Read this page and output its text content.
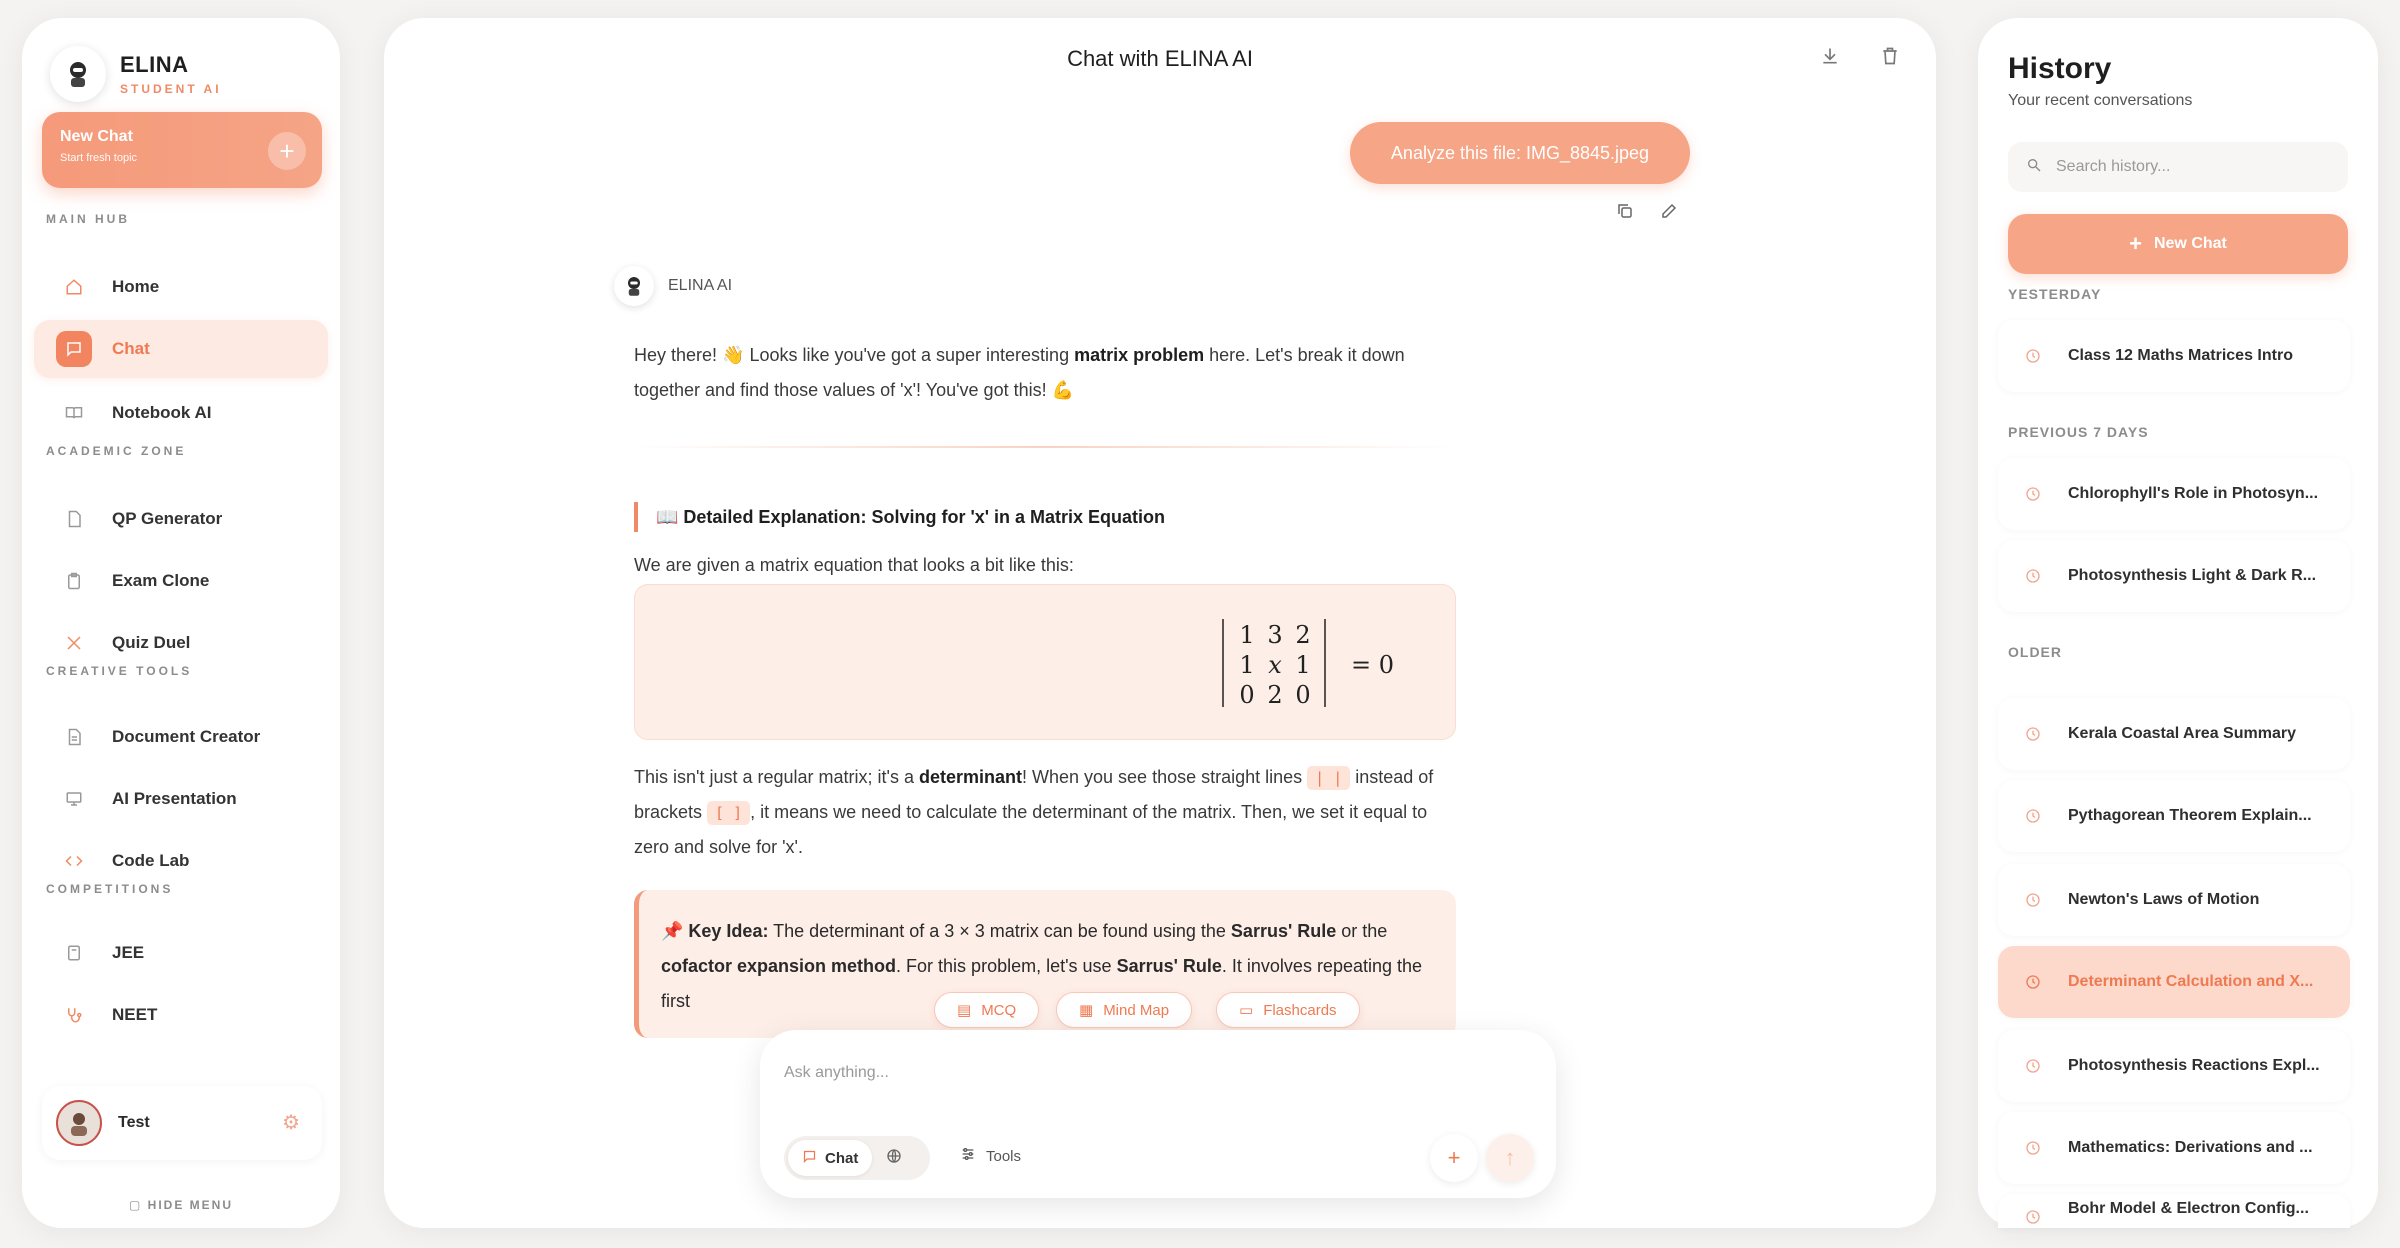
ELINA
STUDENT AI
New Chat
Start fresh topic	+
MAIN HUB
Home
Chat
Notebook AI
ACADEMIC ZONE
QP Generator
Exam Clone
Quiz Duel
CREATIVE TOOLS
Document Creator
AI Presentation
Code Lab
COMPETITIONS
JEE
NEET
Test	⚙
▢ HIDE MENU
Chat with ELINA AI
Analyze this file: IMG_8845.jpeg
ELINA AI
Hey there! 👋 Looks like you've got a super interesting matrix problem here. Let's break it down together and find those values of 'x'! You've got this! 💪
📖 Detailed Explanation: Solving for 'x' in a Matrix Equation
We are given a matrix equation that looks a bit like this:
1 3 2
1 x 1
0 2 0
= 0
This isn't just a regular matrix; it's a determinant! When you see those straight lines | | instead of brackets [ ] , it means we need to calculate the determinant of the matrix. Then, we set it equal to zero and solve for 'x'.
📌 Key Idea: The determinant of a 3 × 3 matrix can be found using the Sarrus' Rule or the cofactor expansion method. For this problem, let's use Sarrus' Rule. It involves repeating the first	▤ MCQ	▦ Mind Map	▭ Flashcards
Ask anything...
Chat	Tools	+ ↑
History
Your recent conversations
Search history...
+ New Chat
YESTERDAY
PREVIOUS 7 DAYS
OLDER
Class 12 Maths Matrices Intro
Chlorophyll's Role in Photosyn...
Photosynthesis Light & Dark R...
Kerala Coastal Area Summary
Pythagorean Theorem Explain...
Newton's Laws of Motion
Determinant Calculation and X...
Photosynthesis Reactions Expl...
Mathematics: Derivations and ...
Bohr Model & Electron Config...
